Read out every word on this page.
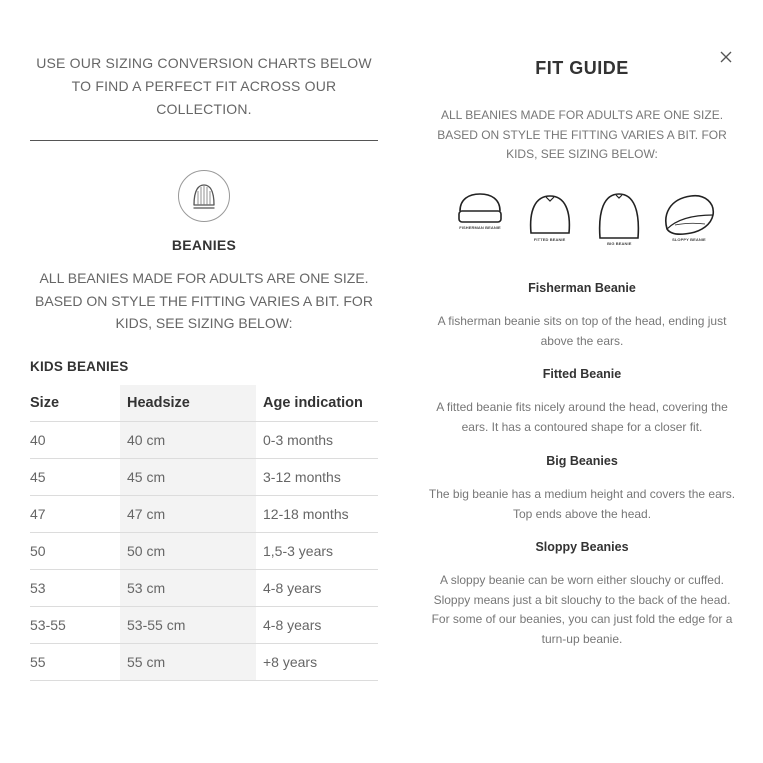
USE OUR SIZING CONVERSION CHARTS BELOW TO FIND A PERFECT FIT ACROSS OUR COLLECTION.
BEANIES
ALL BEANIES MADE FOR ADULTS ARE ONE SIZE. BASED ON STYLE THE FITTING VARIES A BIT. FOR KIDS, SEE SIZING BELOW:
KIDS BEANIES
Size	Headsize	Age indication
40	40 cm	0-3 months
45	45 cm	3-12 months
47	47 cm	12-18 months
50	50 cm	1,5-3 years
53	53 cm	4-8 years
53-55	53-55 cm	4-8 years
55	55 cm	+8 years
FIT GUIDE
ALL BEANIES MADE FOR ADULTS ARE ONE SIZE. BASED ON STYLE THE FITTING VARIES A BIT. FOR KIDS, SEE SIZING BELOW:
FISHERMAN BEANIE
FITTED BEANIE
BIG BEANIE
SLOPPY BEANIE
Fisherman Beanie
A fisherman beanie sits on top of the head, ending just above the ears.
Fitted Beanie
A fitted beanie fits nicely around the head, covering the ears. It has a contoured shape for a closer fit.
Big Beanies
The big beanie has a medium height and covers the ears. Top ends above the head.
Sloppy Beanies
A sloppy beanie can be worn either slouchy or cuffed. Sloppy means just a bit slouchy to the back of the head. For some of our beanies, you can just fold the edge for a turn-up beanie.
